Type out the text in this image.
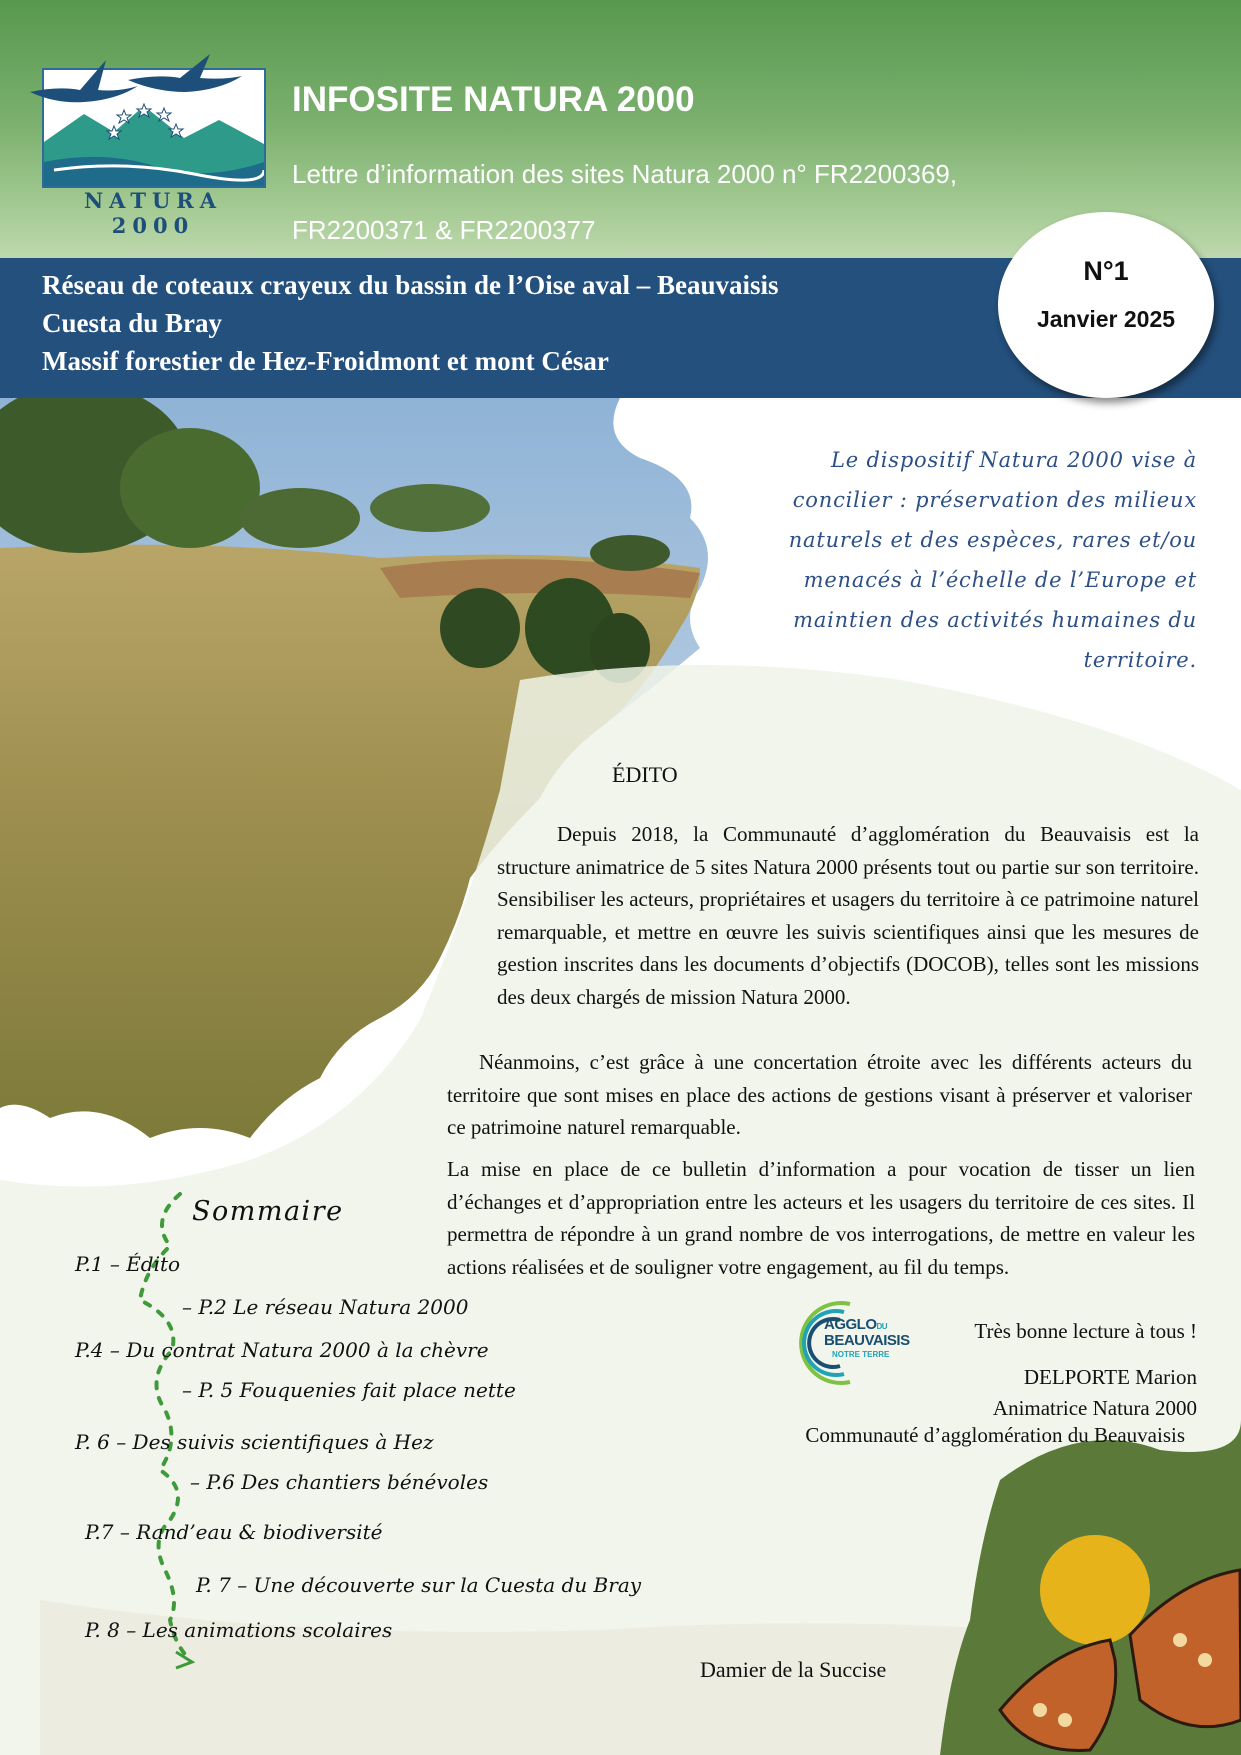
NATURA 2000
INFOSITE NATURA 2000
Lettre d’information des sites Natura 2000 n° FR2200369,
FR2200371 & FR2200377
Réseau de coteaux crayeux du bassin de l’Oise aval – Beauvaisis
Cuesta du Bray
Massif forestier de Hez-Froidmont et mont César
N°1
Janvier 2025
Le dispositif Natura 2000 vise à concilier : préservation des milieux naturels et des espèces, rares et/ou menacés à l’échelle de l’Europe et maintien des activités humaines du territoire.
ÉDITO
Depuis 2018, la Communauté d’agglomération du Beauvaisis est la structure animatrice de 5 sites Natura 2000 présents tout ou partie sur son territoire. Sensibiliser les acteurs, propriétaires et usagers du territoire à ce patrimoine naturel remarquable, et mettre en œuvre les suivis scientifiques ainsi que les mesures de gestion inscrites dans les documents d’objectifs (DOCOB), telles sont les missions des deux chargés de mission Natura 2000.
Néanmoins, c’est grâce à une concertation étroite avec les différents acteurs du territoire que sont mises en place des actions de gestions visant à préserver et valoriser ce patrimoine naturel remarquable.
La mise en place de ce bulletin d’information a pour vocation de tisser un lien d’échanges et d’appropriation entre les acteurs et les usagers du territoire de ces sites. Il permettra de répondre à un grand nombre de vos interrogations, de mettre en valeur les actions réalisées et de souligner votre engagement, au fil du temps.
Très bonne lecture à tous !
DELPORTE Marion
Animatrice Natura 2000
Communauté d’agglomération du Beauvaisis
AGGLODU
BEAUVAISIS
NOTRE TERRE
Sommaire
P.1 – Édito
– P.2 Le réseau Natura 2000
P.4 – Du contrat Natura 2000 à la chèvre
– P. 5 Fouquenies fait place nette
P. 6 – Des suivis scientifiques à Hez
– P.6 Des chantiers bénévoles
P.7 – Rand’eau & biodiversité
P. 7 – Une découverte sur la Cuesta du Bray
P. 8 – Les animations scolaires
Damier de la Succise
